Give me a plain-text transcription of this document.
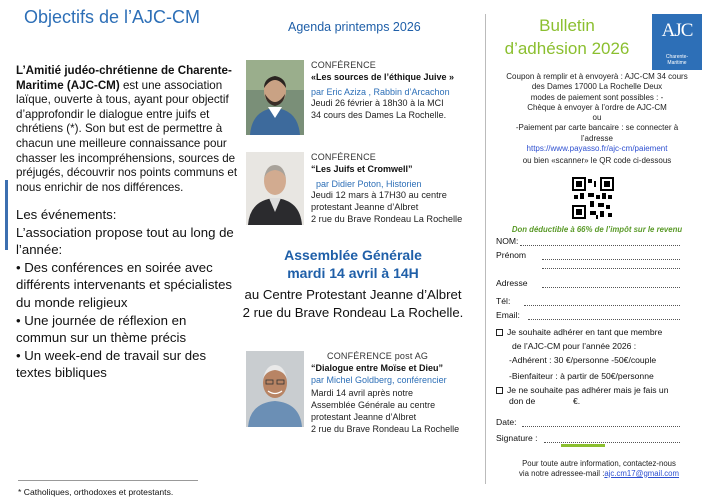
Objectifs de l’AJC-CM
L’Amitié judéo-chrétienne de Charente-Maritime (AJC-CM) est une association laïque, ouverte à tous, ayant pour objectif d’approfondir le dialogue entre juifs et chrétiens (*). Son but est de permettre à chacun une meilleure connaissance pour chasser les incompréhensions, sources de préjugés, découvrir nos points communs et nous enrichir de nos différences.
Les événements:
L’association propose tout au long de l’année:
• Des conférences en soirée avec différents intervenants et spécialistes du monde religieux
• Une journée de réflexion en commun sur un thème précis
• Un week-end de travail sur des textes bibliques
* Catholiques, orthodoxes et protestants.
Agenda printemps 2026
CONFÉRENCE
«Les sources de l’éthique Juive »
par Eric Aziza , Rabbin d’Arcachon
Jeudi 26 février à 18h30 à la MCI
34 cours des Dames La Rochelle.
CONFÉRENCE
“Les Juifs et Cromwell”
par Didier Poton, Historien
Jeudi 12 mars à 17H30 au centre
protestant Jeanne d’Albret
2 rue du Brave Rondeau La Rochelle
Assemblée Générale
mardi 14 avril à 14H
au Centre Protestant Jeanne d’Albret
2 rue du Brave Rondeau La Rochelle.
CONFÉRENCE post AG
“Dialogue entre Moïse et Dieu”
par Michel Goldberg, conférencier
Mardi 14 avril après notre
Assemblée Générale au centre
protestant Jeanne d’Albret
2 rue du Brave Rondeau La Rochelle
Bulletin
d’adhésion 2026
AJC
Charente-
Maritime
Coupon à remplir et à envoyerà : AJC-CM 34 cours
des Dames 17000 La Rochelle Deux
modes de paiement sont possibles : -
Chèque à envoyer à l’ordre de AJC-CM
ou
-Paiement par carte bancaire : se connecter à
l’adresse
https://www.payasso.fr/ajc-cm/paiement
ou bien «scanner» le QR code ci-dessous
Don déductible à 66% de l’impôt sur le revenu
NOM:
Prénom
Adresse
Tél:
Email:
Je souhaite adhérer en tant que membre
de l’AJC-CM pour l’année 2026 :
-Adhérent : 30 €/personne -50€/couple
-Bienfaiteur : à partir de 50€/personne
Je ne souhaite pas adhérer mais je fais un
don de	€.
Date:
Signature :
Pour toute autre information, contactez-nous
via notre adressee-mail :ajc.cm17@gmail.com
